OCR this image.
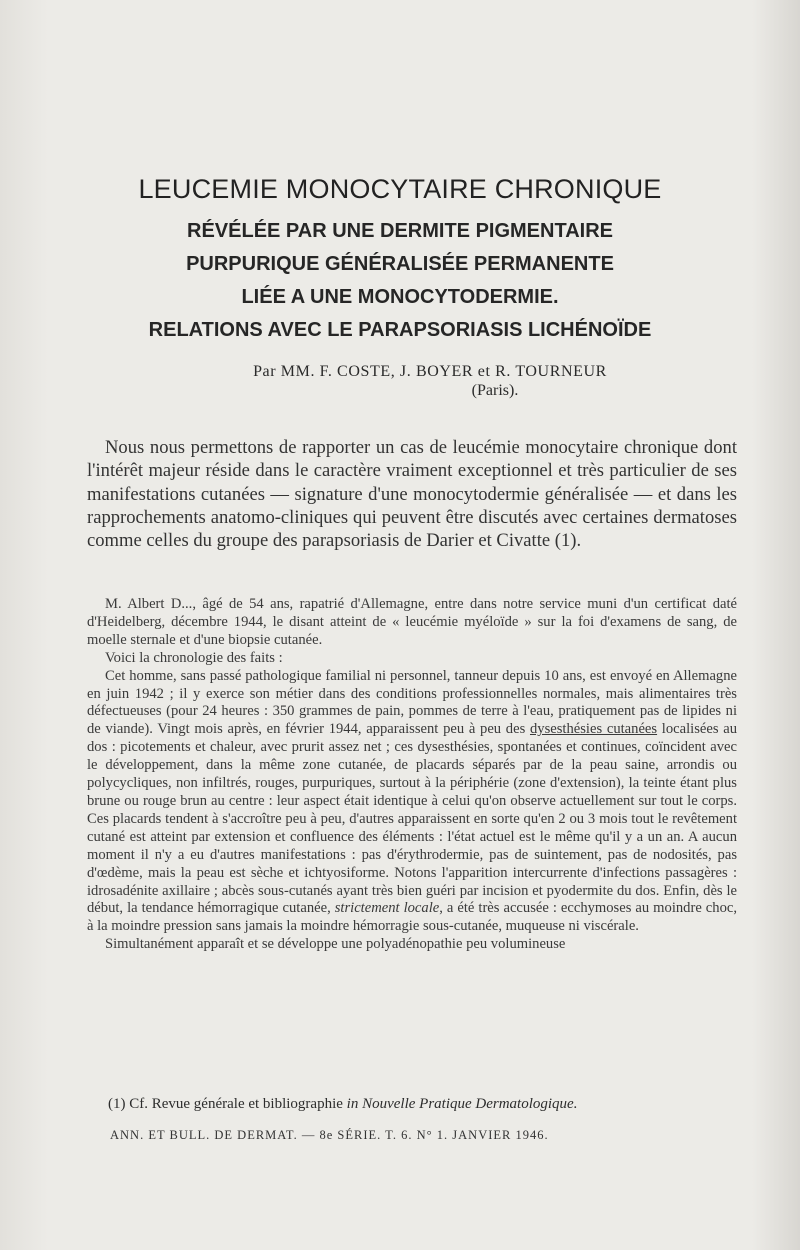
LEUCEMIE MONOCYTAIRE CHRONIQUE
RÉVÉLÉE PAR UNE DERMITE PIGMENTAIRE
PURPURIQUE GÉNÉRALISÉE PERMANENTE
LIÉE A UNE MONOCYTODERMIE.
RELATIONS AVEC LE PARAPSORIASIS LICHÉNOÏDE
Par MM. F. COSTE, J. BOYER et R. TOURNEUR
(Paris).

Nous nous permettons de rapporter un cas de leucémie monocytaire chronique dont l'intérêt majeur réside dans le caractère vraiment exceptionnel et très particulier de ses manifestations cutanées — signature d'une monocytodermie généralisée — et dans les rapprochements anatomo-cliniques qui peuvent être discutés avec certaines dermatoses comme celles du groupe des parapsoriasis de Darier et Civatte (1).

M. Albert D..., âgé de 54 ans, rapatrié d'Allemagne, entre dans notre service muni d'un certificat daté d'Heidelberg, décembre 1944, le disant atteint de « leucémie myéloïde » sur la foi d'examens de sang, de moelle sternale et d'une biopsie cutanée.

Voici la chronologie des faits :

Cet homme, sans passé pathologique familial ni personnel, tanneur depuis 10 ans, est envoyé en Allemagne en juin 1942 ; il y exerce son métier dans des conditions professionnelles normales, mais alimentaires très défectueuses (pour 24 heures : 350 grammes de pain, pommes de terre à l'eau, pratiquement pas de lipides ni de viande). Vingt mois après, en février 1944, apparaissent peu à peu des dysesthésies cutanées localisées au dos : picotements et chaleur, avec prurit assez net ; ces dysesthésies, spontanées et continues, coïncident avec le développement, dans la même zone cutanée, de placards séparés par de la peau saine, arrondis ou polycycliques, non infiltrés, rouges, purpuriques, surtout à la périphérie (zone d'extension), la teinte étant plus brune ou rouge brun au centre : leur aspect était identique à celui qu'on observe actuellement sur tout le corps. Ces placards tendent à s'accroître peu à peu, d'autres apparaissent en sorte qu'en 2 ou 3 mois tout le revêtement cutané est atteint par extension et confluence des éléments : l'état actuel est le même qu'il y a un an. A aucun moment il n'y a eu d'autres manifestations : pas d'érythrodermie, pas de suintement, pas de nodosités, pas d'œdème, mais la peau est sèche et ichtyosiforme. Notons l'apparition intercurrente d'infections passagères : idrosadénite axillaire ; abcès sous-cutanés ayant très bien guéri par incision et pyodermite du dos. Enfin, dès le début, la tendance hémorragique cutanée, strictement locale, a été très accusée : ecchymoses au moindre choc, à la moindre pression sans jamais la moindre hémorragie sous-cutanée, muqueuse ni viscérale.

Simultanément apparaît et se développe une polyadénopathie peu volumineuse

(1) Cf. Revue générale et bibliographie in Nouvelle Pratique Dermatologique.
ANN. ET BULL. DE DERMAT. — 8e SÉRIE. T. 6. N° 1. JANVIER 1946.
